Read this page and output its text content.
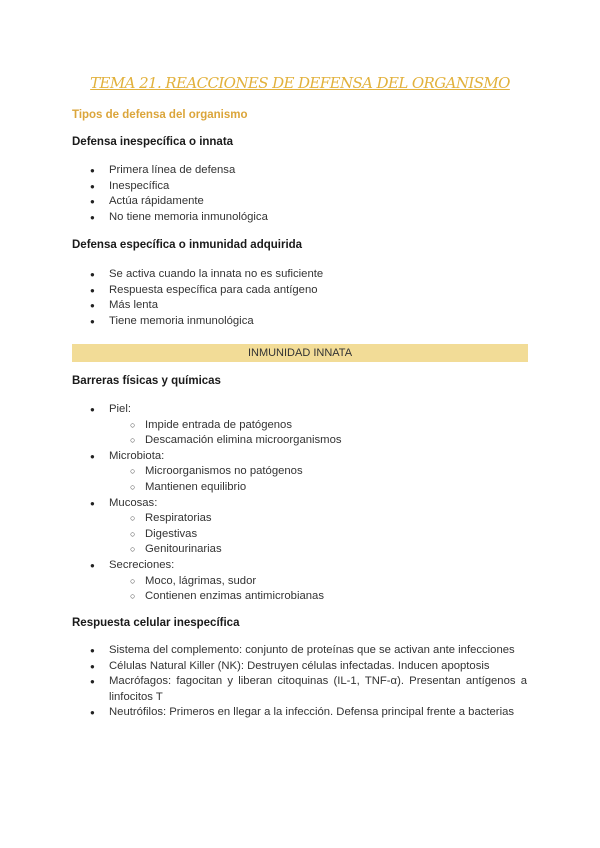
TEMA 21. REACCIONES DE DEFENSA DEL ORGANISMO
Tipos de defensa del organismo
Defensa inespecífica o innata
● Primera línea de defensa
● Inespecífica
● Actúa rápidamente
● No tiene memoria inmunológica
Defensa específica o inmunidad adquirida
● Se activa cuando la innata no es suficiente
● Respuesta específica para cada antígeno
● Más lenta
● Tiene memoria inmunológica
INMUNIDAD INNATA
Barreras físicas y químicas
● Piel:
○ Impide entrada de patógenos
○ Descamación elimina microorganismos
● Microbiota:
○ Microorganismos no patógenos
○ Mantienen equilibrio
● Mucosas:
○ Respiratorias
○ Digestivas
○ Genitourinarias
● Secreciones:
○ Moco, lágrimas, sudor
○ Contienen enzimas antimicrobianas
Respuesta celular inespecífica
● Sistema del complemento: conjunto de proteínas que se activan ante infecciones
● Células Natural Killer (NK): Destruyen células infectadas. Inducen apoptosis
● Macrófagos: fagocitan y liberan citoquinas (IL-1, TNF-α). Presentan antígenos a linfocitos T
● Neutrófilos: Primeros en llegar a la infección. Defensa principal frente a bacterias
